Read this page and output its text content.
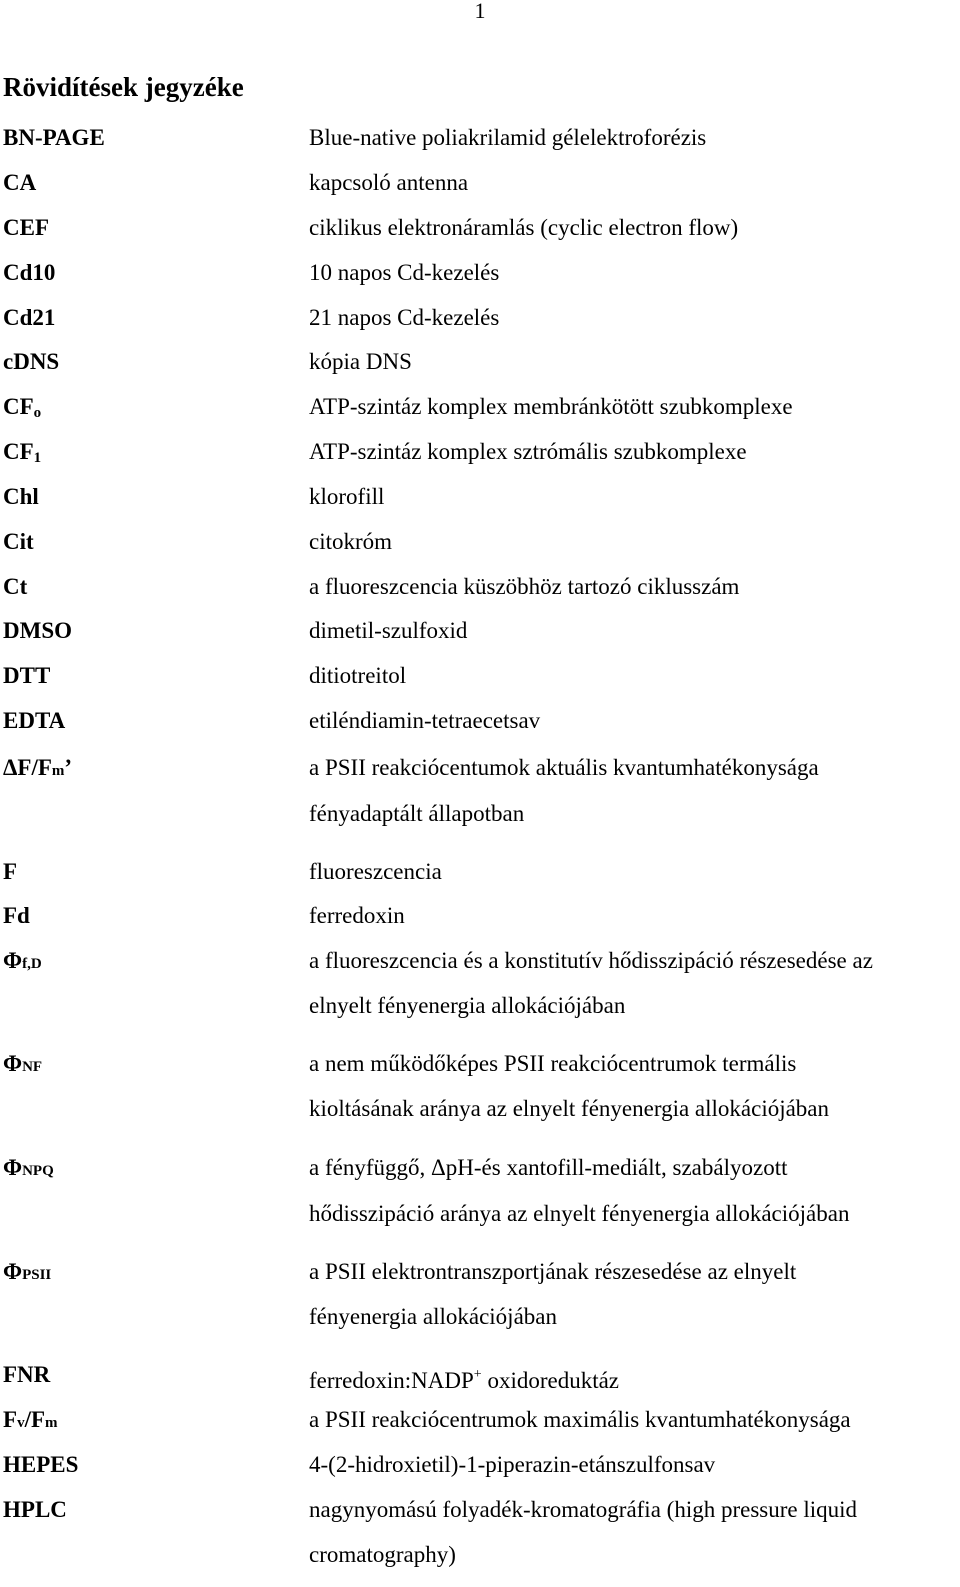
1
Rövidítések jegyzéke
BN-PAGE	Blue-native poliakrilamid gélelektroforézis
CA	kapcsoló antenna
CEF	ciklikus elektronáramlás (cyclic electron flow)
Cd10	10 napos Cd-kezelés
Cd21	21 napos Cd-kezelés
cDNS	kópia DNS
$CF_o$	ATP-szintáz komplex membránkötött szubkomplexe
$CF_1$	ATP-szintáz komplex sztrómális szubkomplexe
Chl	klorofill
Cit	citokróm
Ct	a fluoreszcencia küszöbhöz tartozó ciklusszám
DMSO	dimetil-szulfoxid
DTT	ditiotreitol
EDTA	etiléndiamin-tetraecetsav
ΔF/Fm’	a PSII reakciócentumok aktuális kvantumhatékonysága
fényadaptált állapotban
F	fluoreszcencia
Fd	ferredoxin
Φf,D	a fluoreszcencia és a konstitutív hődisszipáció részesedése az
elnyelt fényenergia allokációjában
ΦNF	a nem működőképes PSII reakciócentrumok termális
kioltásának aránya az elnyelt fényenergia allokációjában
ΦNPQ	a fényfüggő, ΔpH-és xantofill-mediált, szabályozott
hődisszipáció aránya az elnyelt fényenergia allokációjában
ΦPSII	a PSII elektrontranszportjának részesedése az elnyelt
fényenergia allokációjában
FNR	ferredoxin:NADP+ oxidoreduktáz
Fv/Fm	a PSII reakciócentrumok maximális kvantumhatékonysága
HEPES	4-(2-hidroxietil)-1-piperazin-etánszulfonsav
HPLC	nagynyomású folyadék-kromatográfia (high pressure liquid
cromatography)
